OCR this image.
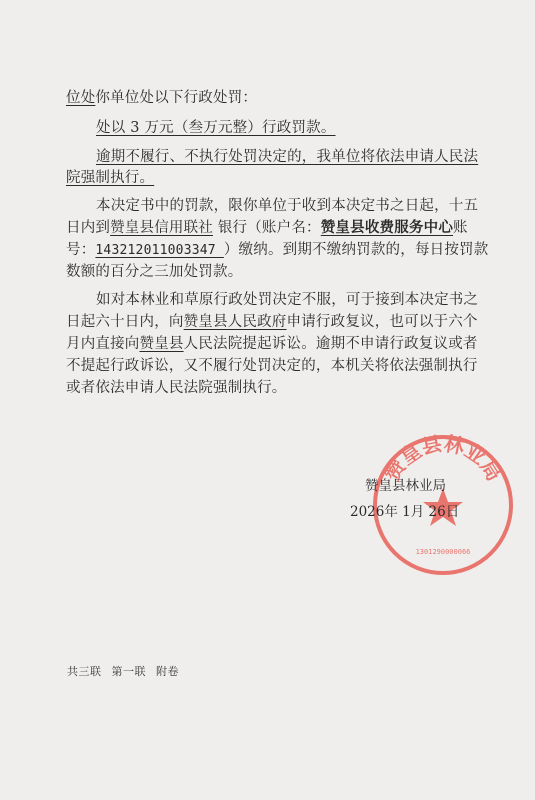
位处你单位处以下行政处罚：
处以 3 万元（叁万元整）行政罚款。
逾期不履行、不执行处罚决定的，我单位将依法申请人民法
院强制执行。
本决定书中的罚款，限你单位于收到本决定书之日起，十五
日内到赞皇县信用联社 银行（账户名：赞皇县收费服务中心账
号：143212011003347 ）缴纳。到期不缴纳罚款的，每日按罚款
数额的百分之三加处罚款。
如对本林业和草原行政处罚决定不服，可于接到本决定书之
日起六十日内，向赞皇县人民政府申请行政复议，也可以于六个
月内直接向赞皇县人民法院提起诉讼。逾期不申请行政复议或者
不提起行政诉讼，又不履行处罚决定的，本机关将依法强制执行
或者依法申请人民法院强制执行。
赞皇县林业局
1301290000066
赞皇县林业局
2026年 1月 26日
共三联 第一联 附卷
